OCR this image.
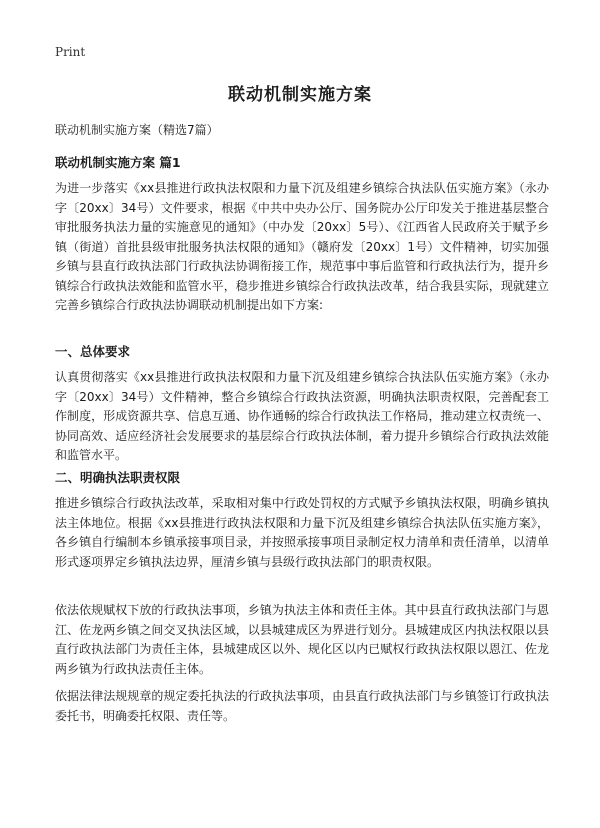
Print
联动机制实施方案

联动机制实施方案（精选7篇）

联动机制实施方案 篇1

为进一步落实《xx县推进行政执法权限和力量下沉及组建乡镇综合执法队伍实施方案》（永办字〔20xx〕34号）文件要求，根据《中共中央办公厅、国务院办公厅印发关于推进基层整合审批服务执法力量的实施意见的通知》（中办发〔20xx〕5号）、《江西省人民政府关于赋予乡镇（街道）首批县级审批服务执法权限的通知》（赣府发〔20xx〕1号）文件精神，切实加强乡镇与县直行政执法部门行政执法协调衔接工作，规范事中事后监管和行政执法行为，提升乡镇综合行政执法效能和监管水平，稳步推进乡镇综合行政执法改革，结合我县实际，现就建立完善乡镇综合行政执法协调联动机制提出如下方案:

一、总体要求

认真贯彻落实《xx县推进行政执法权限和力量下沉及组建乡镇综合执法队伍实施方案》（永办字〔20xx〕34号）文件精神，整合乡镇综合行政执法资源，明确执法职责权限，完善配套工作制度，形成资源共享、信息互通、协作通畅的综合行政执法工作格局，推动建立权责统一、协同高效、适应经济社会发展要求的基层综合行政执法体制，着力提升乡镇综合行政执法效能和监管水平。

二、明确执法职责权限

推进乡镇综合行政执法改革，采取相对集中行政处罚权的方式赋予乡镇执法权限，明确乡镇执法主体地位。根据《xx县推进行政执法权限和力量下沉及组建乡镇综合执法队伍实施方案》，各乡镇自行编制本乡镇承接事项目录，并按照承接事项目录制定权力清单和责任清单，以清单形式逐项界定乡镇执法边界，厘清乡镇与县级行政执法部门的职责权限。

依法依规赋权下放的行政执法事项，乡镇为执法主体和责任主体。其中县直行政执法部门与恩江、佐龙两乡镇之间交叉执法区域，以县城建成区为界进行划分。县城建成区内执法权限以县直行政执法部门为责任主体，县城建成区以外、规化区以内已赋权行政执法权限以恩江、佐龙两乡镇为行政执法责任主体。

依据法律法规规章的规定委托执法的行政执法事项，由县直行政执法部门与乡镇签订行政执法委托书，明确委托权限、责任等。
